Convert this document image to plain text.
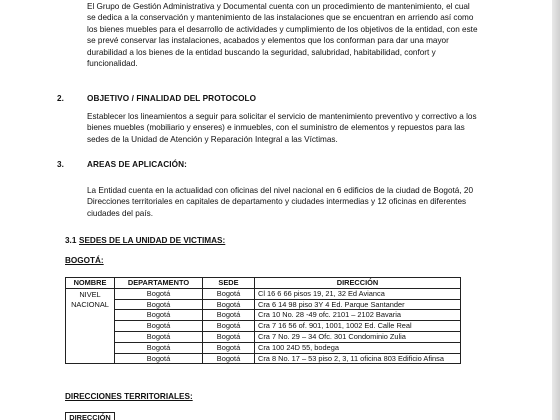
El Grupo de Gestión Administrativa y Documental cuenta con un procedimiento de mantenimiento, el cual
se dedica a la conservación y mantenimiento de las instalaciones que se encuentran en arriendo así como
los bienes muebles para el desarrollo de actividades y cumplimiento de los objetivos de la entidad, con este
se prevé conservar las instalaciones, acabados y elementos que los conforman para dar una mayor
durabilidad a los bienes de la entidad buscando la seguridad, salubridad, habitabilidad, confort y
funcionalidad.
2.	OBJETIVO / FINALIDAD DEL PROTOCOLO
Establecer los lineamientos a seguir para solicitar el servicio de mantenimiento preventivo y correctivo a los
bienes muebles (mobiliario y enseres) e inmuebles, con el suministro de elementos y repuestos para las
sedes de la Unidad de Atención y Reparación Integral a las Víctimas.
3.	AREAS DE APLICACIÓN:
La Entidad cuenta en la actualidad con oficinas del nivel nacional en 6 edificios de la ciudad de Bogotá, 20
Direcciones territoriales en capitales de departamento y ciudades intermedias y 12 oficinas en diferentes
ciudades del país.
3.1 SEDES DE LA UNIDAD DE VICTIMAS:
BOGOTÁ:
NOMBRE	DEPARTAMENTO	SEDE	DIRECCIÓN

NIVEL
NACIONAL	Bogotá	Bogotá	Cl 16 6 66 pisos 19, 21, 32 Ed Avianca
	Bogotá	Bogotá	Cra 6 14 98 piso 3Y 4 Ed. Parque Santander
	Bogotá	Bogotá	Cra 10 No. 28 -49 ofc. 2101 – 2102 Bavaria
	Bogotá	Bogotá	Cra 7 16 56 of. 901, 1001, 1002 Ed. Calle Real
	Bogotá	Bogotá	Cra 7 No. 29 – 34 Ofc. 301 Condominio Zulia
	Bogotá	Bogotá	Cra 100 24D 55, bodega
	Bogotá	Bogotá	Cra 8 No. 17 – 53 piso 2, 3, 11 oficina 803 Edificio Afinsa
DIRECCIONES TERRITORIALES:
DIRECCIÓN
